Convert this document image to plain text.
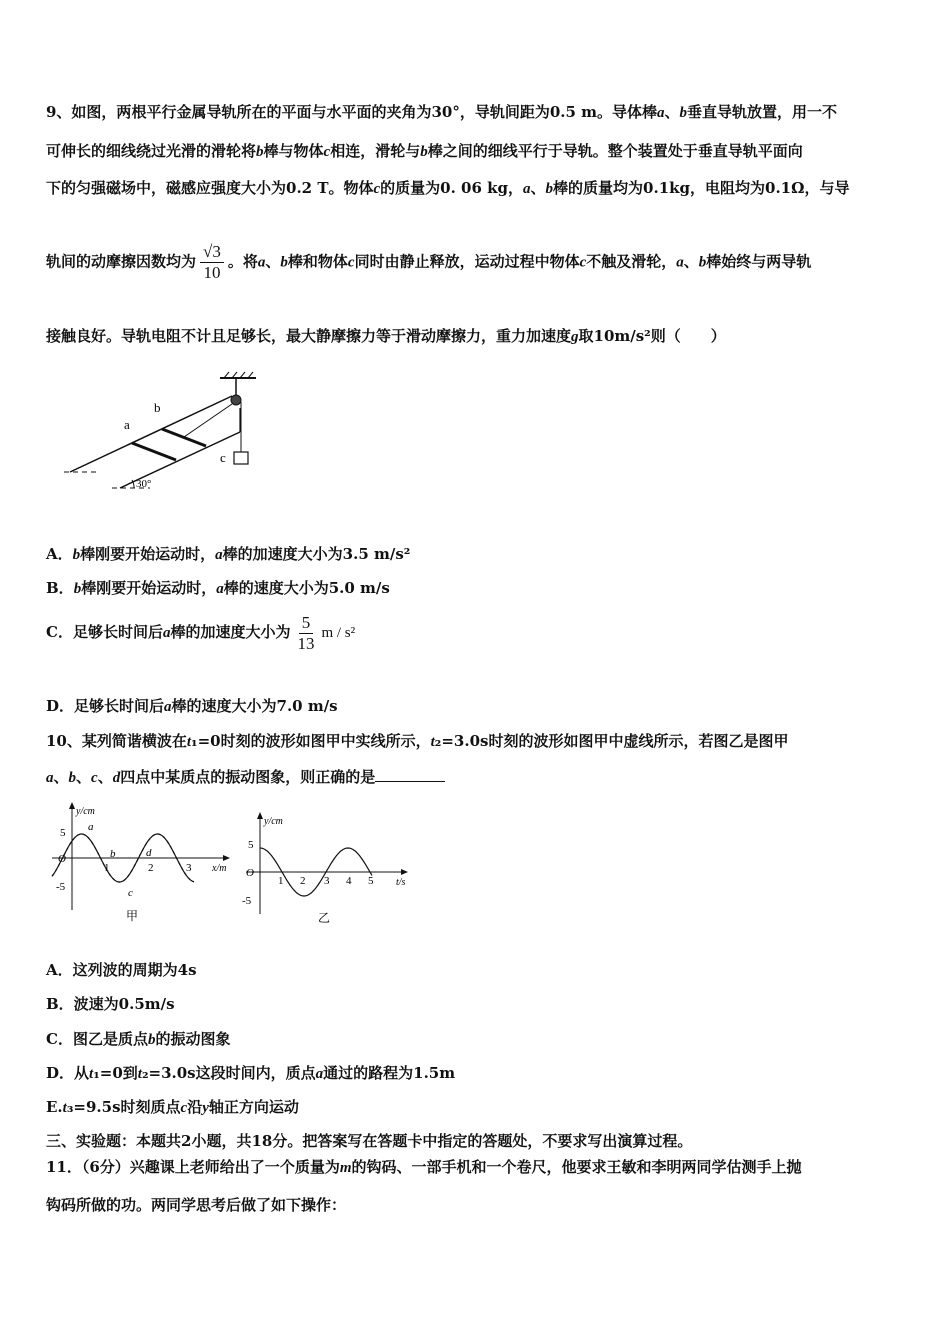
9、如图，两根平行金属导轨所在的平面与水平面的夹角为30°，导轨间距为0.5 m。导体棒a、b垂直导轨放置，用一不
可伸长的细线绕过光滑的滑轮将b棒与物体c相连，滑轮与b棒之间的细线平行于导轨。整个装置处于垂直导轨平面向
下的匀强磁场中，磁感应强度大小为0.2 T。物体c的质量为0. 06 kg，a、b棒的质量均为0.1kg，电阻均为0.1Ω，与导
轨间的动摩擦因数均为 $\frac{√3}{10}$ 。将a、b棒和物体c同时由静止释放，运动过程中物体c不触及滑轮，a、b棒始终与两导轨
接触良好。导轨电阻不计且足够长，最大静摩擦力等于滑动摩擦力，重力加速度g取10m/s²则（　　）
a
b
c
30°
A．b棒刚要开始运动时，a棒的加速度大小为3.5 m/s²
B．b棒刚要开始运动时，a棒的速度大小为5.0 m/s
C．足够长时间后a棒的加速度大小为 $\frac{5}{13}$ m / s²
D．足够长时间后a棒的速度大小为7.0 m/s
10、某列简谐横波在t₁=0时刻的波形如图甲中实线所示，t₂=3.0s时刻的波形如图甲中虚线所示，若图乙是图甲
a、b、c、d四点中某质点的振动图象，则正确的是
y/cm
x/m
O
5
-5
1	2	3
a
b
c
d
甲
y/cm
t/s
O
5
-5
1 2 3 4 5
乙
A．这列波的周期为4s
B．波速为0.5m/s
C．图乙是质点b的振动图象
D．从t₁=0到t₂=3.0s这段时间内，质点a通过的路程为1.5m
E.t₃=9.5s时刻质点c沿y轴正方向运动
三、实验题：本题共2小题，共18分。把答案写在答题卡中指定的答题处，不要求写出演算过程。
11．（6分）兴趣课上老师给出了一个质量为m的钩码、一部手机和一个卷尺，他要求王敏和李明两同学估测手上抛
钩码所做的功。两同学思考后做了如下操作：
